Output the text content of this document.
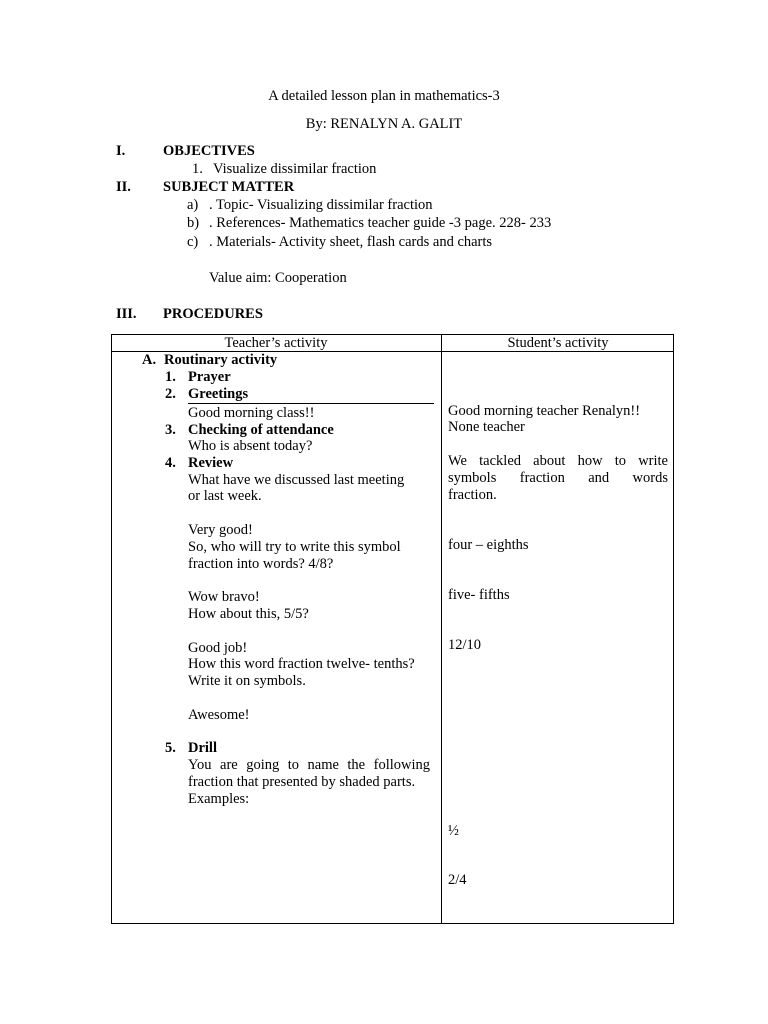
A detailed lesson plan in mathematics-3
By: RENALYN A. GALIT
I.	OBJECTIVES
1. Visualize dissimilar fraction
II. SUBJECT MATTER
a) . Topic- Visualizing dissimilar fraction
b) . References- Mathematics teacher guide -3 page. 228- 233
c) . Materials- Activity sheet, flash cards and charts
Value aim: Cooperation
III. PROCEDURES
Teacher’s activity	Student’s activity
A. Routinary activity
1. Prayer
2. Greetings
Good morning class!!
3. Checking of attendance
Who is absent today?
4. Review
What have we discussed last meeting
or last week.
Very good!
So, who will try to write this symbol
fraction into words? 4/8?
Wow bravo!
How about this, 5/5?
Good job!
How this word fraction twelve- tenths?
Write it on symbols.
Awesome!
5. Drill
You are going to name the following
fraction that presented by shaded parts.
Examples:
Good morning teacher Renalyn!!
None teacher
We tackled about how to write
symbols fraction and words
fraction.
four – eighths
five- fifths
12/10
½
2/4
